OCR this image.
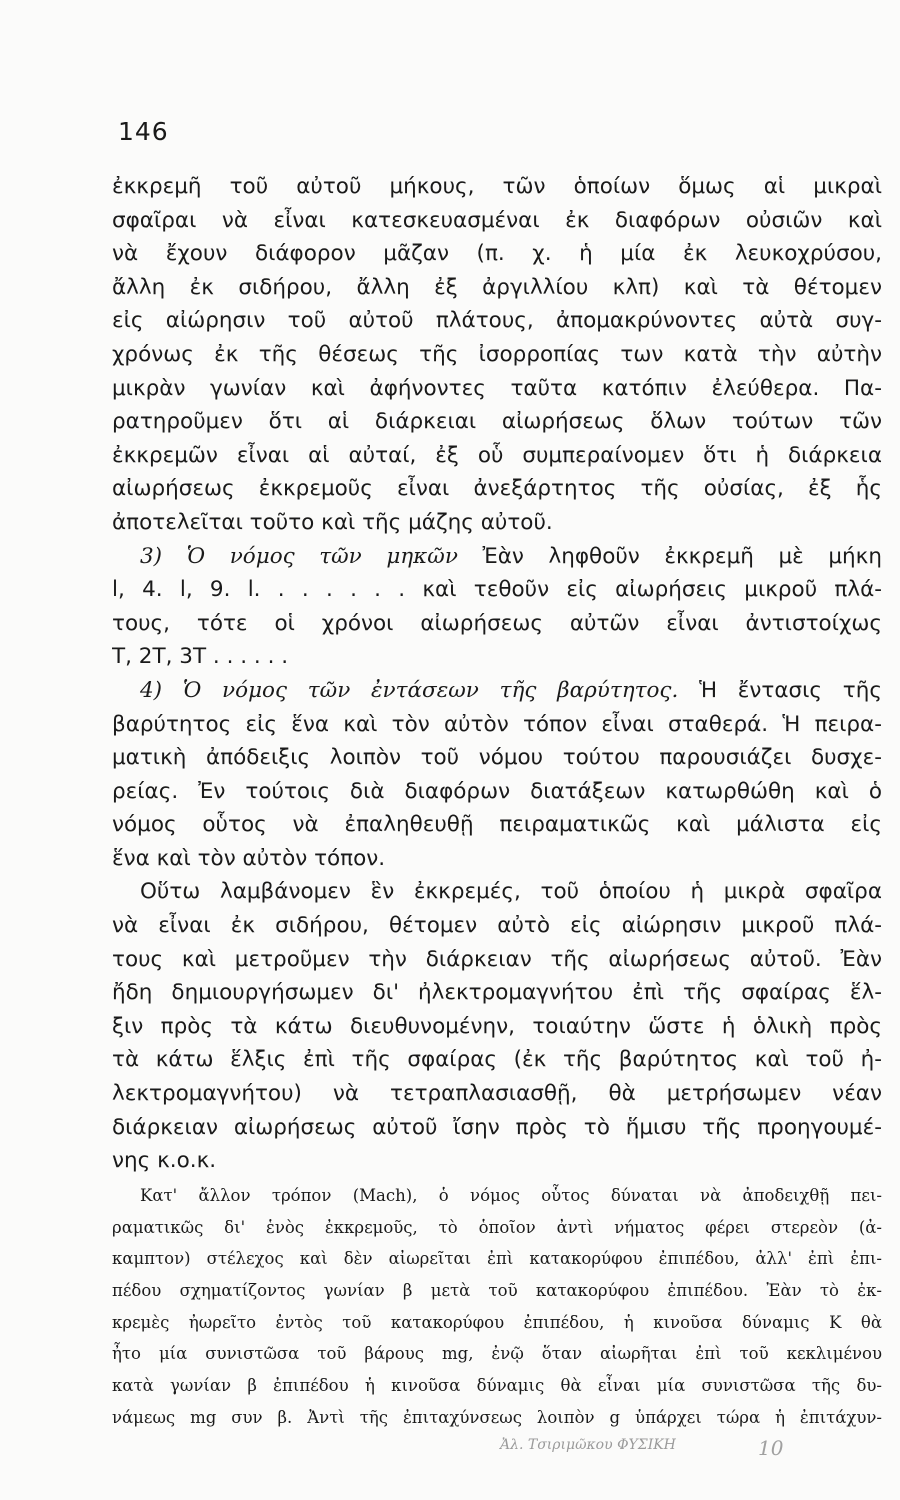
146
ἐκκρεμῆ τοῦ αὐτοῦ μήκους, τῶν ὁποίων ὅμως αἱ μικραὶ
σφαῖραι νὰ εἶναι κατεσκευασμέναι ἐκ διαφόρων οὐσιῶν καὶ
νὰ ἔχουν διάφορον μᾶζαν (π. χ. ἡ μία ἐκ λευκοχρύσου,
ἄλλη ἐκ σιδήρου, ἄλλη ἐξ ἀργιλλίου κλπ) καὶ τὰ θέτομεν
εἰς αἰώρησιν τοῦ αὐτοῦ πλάτους, ἀπομακρύνοντες αὐτὰ συγ-
χρόνως ἐκ τῆς θέσεως τῆς ἰσορροπίας των κατὰ τὴν αὐτὴν
μικρὰν γωνίαν καὶ ἀφήνοντες ταῦτα κατόπιν ἐλεύθερα. Πα-
ρατηροῦμεν ὅτι αἱ διάρκειαι αἰωρήσεως ὅλων τούτων τῶν
ἐκκρεμῶν εἶναι αἱ αὐταί, ἐξ οὗ συμπεραίνομεν ὅτι ἡ διάρκεια
αἰωρήσεως ἐκκρεμοῦς εἶναι ἀνεξάρτητος τῆς οὐσίας, ἐξ ἧς
ἀποτελεῖται τοῦτο καὶ τῆς μάζης αὐτοῦ.
3) Ὁ νόμος τῶν μηκῶν Ἐὰν ληφθοῦν ἐκκρεμῆ μὲ μήκη
l, 4. l, 9. l. . . . . . . καὶ τεθοῦν εἰς αἰωρήσεις μικροῦ πλά-
τους, τότε οἱ χρόνοι αἰωρήσεως αὐτῶν εἶναι ἀντιστοίχως
T, 2T, 3T . . . . . .
4) Ὁ νόμος τῶν ἐντάσεων τῆς βαρύτητος. Ἡ ἔντασις τῆς
βαρύτητος εἰς ἕνα καὶ τὸν αὐτὸν τόπον εἶναι σταθερά. Ἡ πειρα-
ματικὴ ἀπόδειξις λοιπὸν τοῦ νόμου τούτου παρουσιάζει δυσχε-
ρείας. Ἐν τούτοις διὰ διαφόρων διατάξεων κατωρθώθη καὶ ὁ
νόμος οὗτος νὰ ἐπαληθευθῇ πειραματικῶς καὶ μάλιστα εἰς
ἕνα καὶ τὸν αὐτὸν τόπον.
Οὕτω λαμβάνομεν ἓν ἐκκρεμές, τοῦ ὁποίου ἡ μικρὰ σφαῖρα
νὰ εἶναι ἐκ σιδήρου, θέτομεν αὐτὸ εἰς αἰώρησιν μικροῦ πλά-
τους καὶ μετροῦμεν τὴν διάρκειαν τῆς αἰωρήσεως αὐτοῦ. Ἐὰν
ἤδη δημιουργήσωμεν δι' ἠλεκτρομαγνήτου ἐπὶ τῆς σφαίρας ἕλ-
ξιν πρὸς τὰ κάτω διευθυνομένην, τοιαύτην ὥστε ἡ ὁλικὴ πρὸς
τὰ κάτω ἕλξις ἐπὶ τῆς σφαίρας (ἐκ τῆς βαρύτητος καὶ τοῦ ἠ-
λεκτρομαγνήτου) νὰ τετραπλασιασθῇ, θὰ μετρήσωμεν νέαν
διάρκειαν αἰωρήσεως αὐτοῦ ἴσην πρὸς τὸ ἥμισυ τῆς προηγουμέ-
νης κ.ο.κ.
Κατ' ἄλλον τρόπον (Mach), ὁ νόμος οὗτος δύναται νὰ ἀποδειχθῇ πει-
ραματικῶς δι' ἑνὸς ἐκκρεμοῦς, τὸ ὁποῖον ἀντὶ νήματος φέρει στερεὸν (ἀ-
καμπτον) στέλεχος καὶ δὲν αἰωρεῖται ἐπὶ κατακορύφου ἐπιπέδου, ἀλλ' ἐπὶ ἐπι-
πέδου σχηματίζοντος γωνίαν β μετὰ τοῦ κατακορύφου ἐπιπέδου. Ἐὰν τὸ ἐκ-
κρεμὲς ἠωρεῖτο ἐντὸς τοῦ κατακορύφου ἐπιπέδου, ἡ κινοῦσα δύναμις K θὰ
ἦτο μία συνιστῶσα τοῦ βάρους mg, ἐνῷ ὅταν αἰωρῆται ἐπὶ τοῦ κεκλιμένου
κατὰ γωνίαν β ἐπιπέδου ἡ κινοῦσα δύναμις θὰ εἶναι μία συνιστῶσα τῆς δυ-
νάμεως mg συν β. Ἀντὶ τῆς ἐπιταχύνσεως λοιπὸν g ὑπάρχει τώρα ἡ ἐπιτάχυν-
Ἀλ. Τσιριμῶκου ΦΥΣΙΚΗ	10
